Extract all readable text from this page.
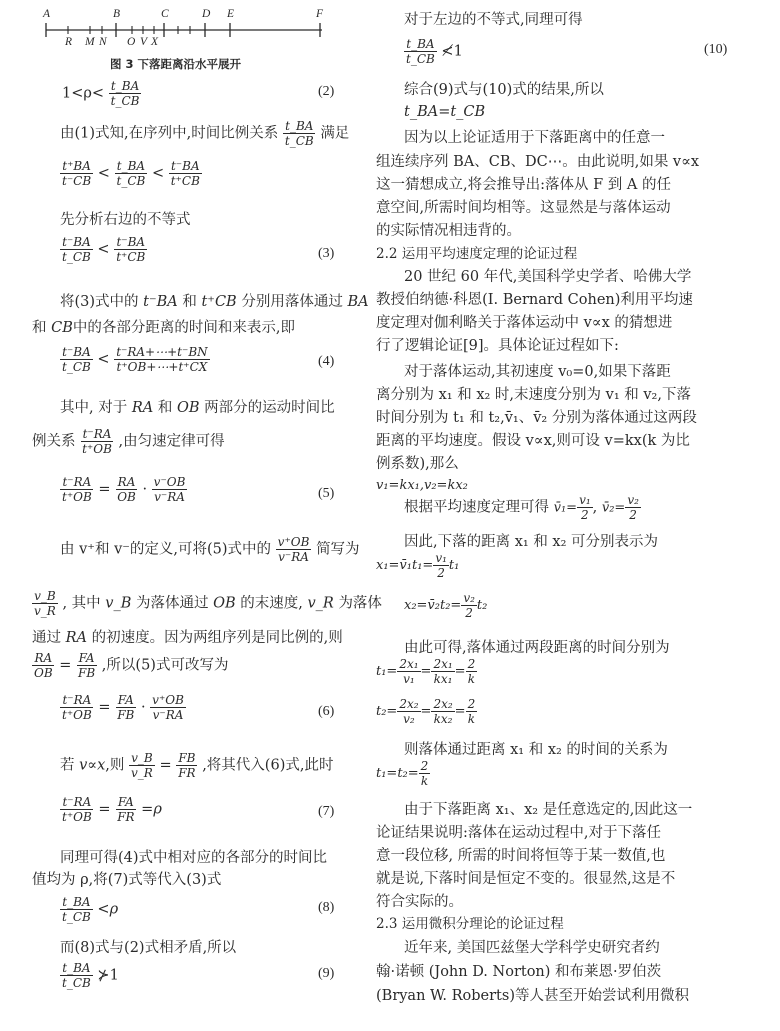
A	B	C	D E	F
R M N O V X
图 3 下落距离沿水平展开
$1<\rho< \frac{t\_BA}{t\_CB}$	(2)
由(1)式知,在序列中,时间比例关系 $\frac{t\_BA}{t\_CB}$ 满足
$\frac{t^+BA}{t^-CB} < \frac{t\_BA}{t\_CB} < \frac{t^-BA}{t^+CB}$
先分析右边的不等式
$\frac{t^-BA}{t\_CB} < \frac{t^-BA}{t^+CB}$	(3)
将(3)式中的 t⁻BA 和 t⁺CB 分别用落体通过 BA
和 CB中的各部分距离的时间和来表示,即
$\frac{t^-BA}{t\_CB} < \frac{t^-RA+\cdots+t^-BN}{t^+OB+\cdots+t^+CX}$	(4)
其中, 对于 RA 和 OB 两部分的运动时间比
例关系 $\frac{t^-RA}{t^+OB}$ ,由匀速定律可得
$\frac{t^-RA}{t^+OB} = \frac{RA}{OB} \cdot \frac{v^-OB}{v^-RA}$	(5)
由 v⁺和 v⁻的定义,可将(5)式中的 $\frac{v^+OB}{v^-RA}$ 简写为
$\frac{v\_B}{v\_R}$ , 其中 v_B 为落体通过 OB 的末速度, v_R 为落体
通过 RA 的初速度。因为两组序列是同比例的,则
$\frac{RA}{OB} = \frac{FA}{FB}$ ,所以(5)式可改写为
$\frac{t^-RA}{t^+OB} = \frac{FA}{FB} \cdot \frac{v^+OB}{v^-RA}$	(6)
若 v∝x,则 $\frac{v\_B}{v\_R} = \frac{FB}{FR}$ ,将其代入(6)式,此时
$\frac{t^-RA}{t^+OB} = \frac{FA}{FR} =\rho$	(7)
同理可得(4)式中相对应的各部分的时间比
值均为 ρ,将(7)式等代入(3)式
$\frac{t\_BA}{t\_CB} <\rho$	(8)
而(8)式与(2)式相矛盾,所以
$\frac{t\_BA}{t\_CB}$ ⊁1	(9)
对于左边的不等式,同理可得
$\frac{t\_BA}{t\_CB}$ ≮1	(10)
综合(9)式与(10)式的结果,所以
t_BA=t_CB
因为以上论证适用于下落距离中的任意一
组连续序列 BA、CB、DC⋯。由此说明,如果 v∝x
这一猜想成立,将会推导出:落体从 F 到 A 的任
意空间,所需时间均相等。这显然是与落体运动
的实际情况相违背的。
2.2 运用平均速度定理的论证过程
20 世纪 60 年代,美国科学史学者、哈佛大学
教授伯纳德·科恩(I. Bernard Cohen)利用平均速
度定理对伽利略关于落体运动中 v∝x 的猜想进
行了逻辑论证[9]。具体论证过程如下:
对于落体运动,其初速度 v₀=0,如果下落距
离分别为 x₁ 和 x₂ 时,末速度分别为 v₁ 和 v₂,下落
时间分别为 t₁ 和 t₂,v̄₁、v̄₂ 分别为落体通过这两段
距离的平均速度。假设 v∝x,则可设 v=kx(k 为比
例系数),那么
v₁=kx₁,v₂=kx₂
根据平均速度定理可得 v̄₁= $\frac{\text{v₁}}{2}$ , v̄₂= $\frac{\text{v₂}}{2}$
因此,下落的距离 x₁ 和 x₂ 可分别表示为
x₁=v̄₁t₁= $\frac{\text{v₁}}{2} t_1$
x₂=v̄₂t₂= $\frac{\text{v₂}}{2} t_2$
由此可得,落体通过两段距离的时间分别为
$t_1= \frac{\text{2x₁}}{\text{v₁}} = \frac{\text{2x₁}}{\text{kx₁}} = \frac{2}{k}$
$t_2= \frac{\text{2x₂}}{\text{v₂}} = \frac{\text{2x₂}}{\text{kx₂}} = \frac{2}{k}$
则落体通过距离 x₁ 和 x₂ 的时间的关系为
$t_1=t_2= \frac{2}{k}$
由于下落距离 x₁、x₂ 是任意选定的,因此这一
论证结果说明:落体在运动过程中,对于下落任
意一段位移, 所需的时间将恒等于某一数值,也
就是说,下落时间是恒定不变的。很显然,这是不
符合实际的。
2.3 运用微积分理论的论证过程
近年来, 美国匹兹堡大学科学史研究者约
翰·诺顿 (John D. Norton) 和布莱恩·罗伯茨
(Bryan W. Roberts)等人甚至开始尝试利用微积
